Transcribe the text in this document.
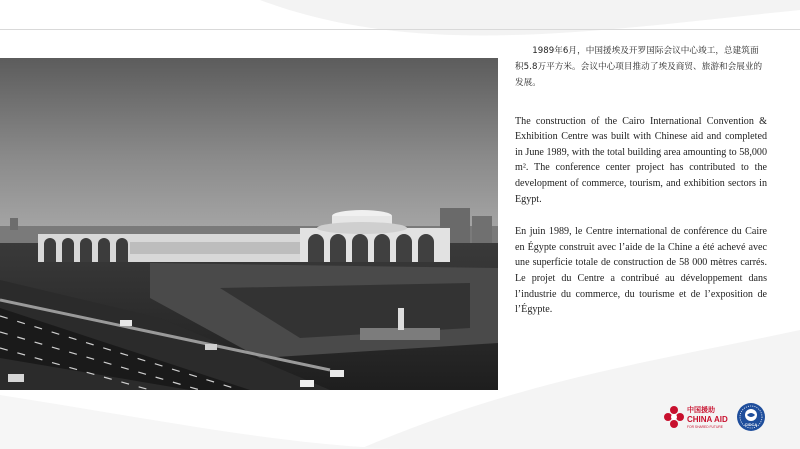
1989年6月，中国援埃及开罗国际会议中心竣工，总建筑面积5.8万平方米。会议中心项目推动了埃及商贸、旅游和会展业的发展。

The construction of the Cairo International Convention & Exhibition Centre was built with Chinese aid and completed in June 1989, with the total building area amounting to 58,000 m². The conference center project has contributed to the development of commerce, tourism, and exhibition sectors in Egypt.

En juin 1989, le Centre international de conférence du Caire en Égypte construit avec l’aide de la Chine a été achevé avec une superficie totale de construction de 58 000 mètres carrés. Le projet du Centre a contribué au développement dans l’industrie du commerce, du tourisme et de l’exposition de l’Égypte.

中国援助
CHINA AID
FOR SHARED FUTURE	CIDCA
